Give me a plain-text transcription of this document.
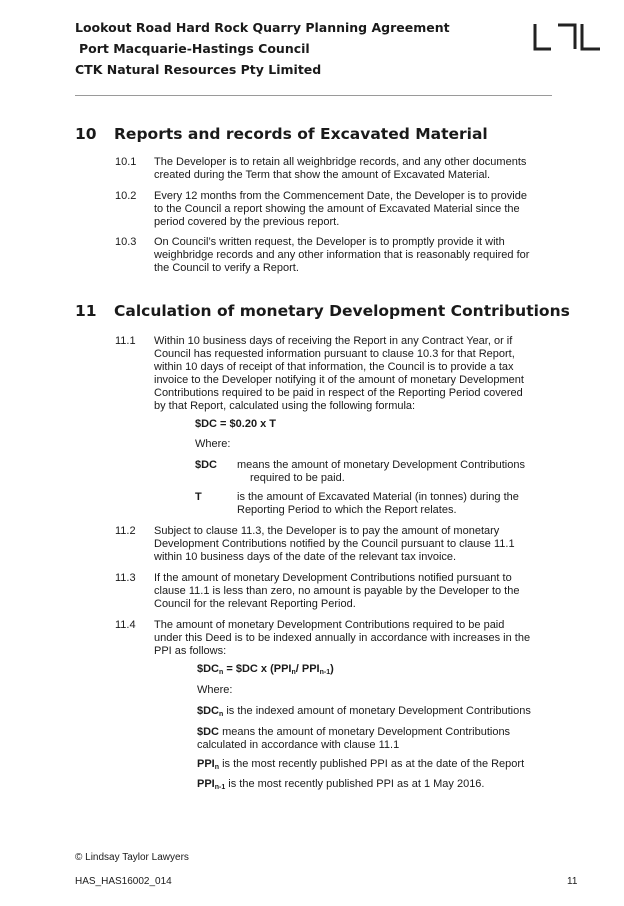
Lookout Road Hard Rock Quarry Planning Agreement
Port Macquarie-Hastings Council
CTK Natural Resources Pty Limited
10 Reports and records of Excavated Material
10.1 The Developer is to retain all weighbridge records, and any other documents
created during the Term that show the amount of Excavated Material.
10.2 Every 12 months from the Commencement Date, the Developer is to provide
to the Council a report showing the amount of Excavated Material since the
period covered by the previous report.
10.3 On Council’s written request, the Developer is to promptly provide it with
weighbridge records and any other information that is reasonably required for
the Council to verify a Report.
11 Calculation of monetary Development Contributions
11.1 Within 10 business days of receiving the Report in any Contract Year, or if
Council has requested information pursuant to clause 10.3 for that Report,
within 10 days of receipt of that information, the Council is to provide a tax
invoice to the Developer notifying it of the amount of monetary Development
Contributions required to be paid in respect of the Reporting Period covered
by that Report, calculated using the following formula:
$DC = $0.20 x T
Where:
$DC means the amount of monetary Development Contributions
required to be paid.
T	is the amount of Excavated Material (in tonnes) during the
Reporting Period to which the Report relates.
11.2 Subject to clause 11.3, the Developer is to pay the amount of monetary
Development Contributions notified by the Council pursuant to clause 11.1
within 10 business days of the date of the relevant tax invoice.
11.3 If the amount of monetary Development Contributions notified pursuant to
clause 11.1 is less than zero, no amount is payable by the Developer to the
Council for the relevant Reporting Period.
11.4 The amount of monetary Development Contributions required to be paid
under this Deed is to be indexed annually in accordance with increases in the
PPI as follows:
$\$DC_n$ = $DC x ($PPI_n/$ $PPI_{n-1}$)
Where:
$\$DC_n$ is the indexed amount of monetary Development Contributions
$DC means the amount of monetary Development Contributions
calculated in accordance with clause 11.1
$PPI_n$ is the most recently published PPI as at the date of the Report
$PPI_{n-1}$ is the most recently published PPI as at 1 May 2016.
© Lindsay Taylor Lawyers
HAS_HAS16002_014	11
